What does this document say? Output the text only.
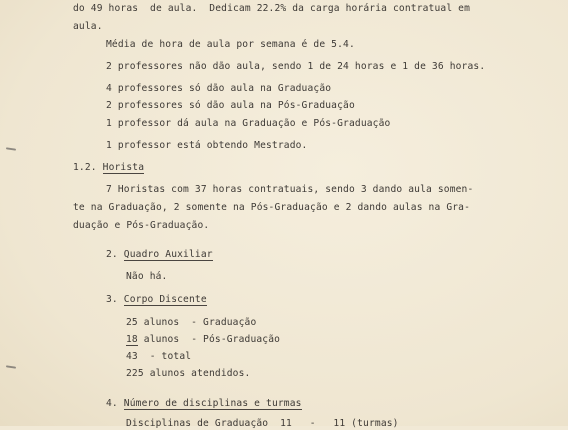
do 49 horas  de aula.  Dedicam 22.2% da carga horária contratual em
aula.
Média de hora de aula por semana é de 5.4.
2 professores não dão aula, sendo 1 de 24 horas e 1 de 36 horas.
4 professores só dão aula na Graduação
2 professores só dão aula na Pós-Graduação
1 professor dá aula na Graduação e Pós-Graduação
1 professor está obtendo Mestrado.
1.2. Horista
7 Horistas com 37 horas contratuais, sendo 3 dando aula somen-
te na Graduação, 2 somente na Pós-Graduação e 2 dando aulas na Gra-
duação e Pós-Graduação.
2. Quadro Auxiliar
Não há.
3. Corpo Discente
25 alunos  - Graduação
18 alunos  - Pós-Graduação
43  - total
225 alunos atendidos.
4. Número de disciplinas e turmas
Disciplinas de Graduação  11   -   11 (turmas)
